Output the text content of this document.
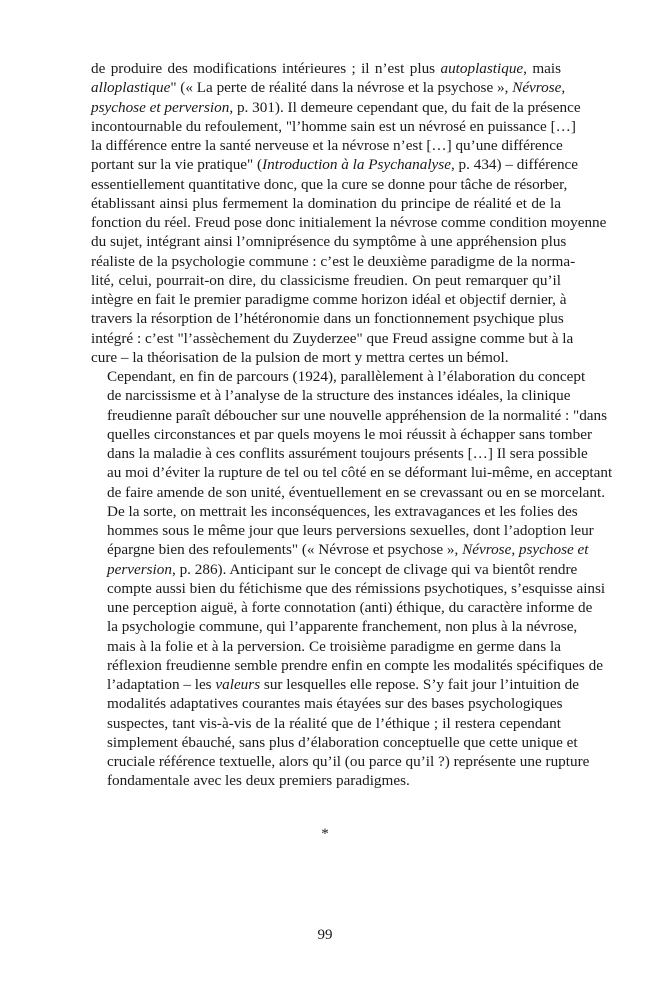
de produire des modifications intérieures ; il n’est plus autoplastique, mais
alloplastique" (« La perte de réalité dans la névrose et la psychose », Névrose,
psychose et perversion, p. 301). Il demeure cependant que, du fait de la présence
incontournable du refoulement, "l’homme sain est un névrosé en puissance […]
la différence entre la santé nerveuse et la névrose n’est […] qu’une différence
portant sur la vie pratique" (Introduction à la Psychanalyse, p. 434) – différence
essentiellement quantitative donc, que la cure se donne pour tâche de résorber,
établissant ainsi plus fermement la domination du principe de réalité et de la
fonction du réel. Freud pose donc initialement la névrose comme condition moyenne
du sujet, intégrant ainsi l’omniprésence du symptôme à une appréhension plus
réaliste de la psychologie commune : c’est le deuxième paradigme de la norma-
lité, celui, pourrait-on dire, du classicisme freudien. On peut remarquer qu’il
intègre en fait le premier paradigme comme horizon idéal et objectif dernier, à
travers la résorption de l’hétéronomie dans un fonctionnement psychique plus
intégré : c’est "l’assèchement du Zuyderzee" que Freud assigne comme but à la
cure – la théorisation de la pulsion de mort y mettra certes un bémol.

Cependant, en fin de parcours (1924), parallèlement à l’élaboration du concept
de narcissisme et à l’analyse de la structure des instances idéales, la clinique
freudienne paraît déboucher sur une nouvelle appréhension de la normalité : "dans
quelles circonstances et par quels moyens le moi réussit à échapper sans tomber
dans la maladie à ces conflits assurément toujours présents […] Il sera possible
au moi d’éviter la rupture de tel ou tel côté en se déformant lui-même, en acceptant
de faire amende de son unité, éventuellement en se crevassant ou en se morcelant.
De la sorte, on mettrait les inconséquences, les extravagances et les folies des
hommes sous le même jour que leurs perversions sexuelles, dont l’adoption leur
épargne bien des refoulements" (« Névrose et psychose », Névrose, psychose et
perversion, p. 286). Anticipant sur le concept de clivage qui va bientôt rendre
compte aussi bien du fétichisme que des rémissions psychotiques, s’esquisse ainsi
une perception aiguë, à forte connotation (anti) éthique, du caractère informe de
la psychologie commune, qui l’apparente franchement, non plus à la névrose,
mais à la folie et à la perversion. Ce troisième paradigme en germe dans la
réflexion freudienne semble prendre enfin en compte les modalités spécifiques de
l’adaptation – les valeurs sur lesquelles elle repose. S’y fait jour l’intuition de
modalités adaptatives courantes mais étayées sur des bases psychologiques
suspectes, tant vis-à-vis de la réalité que de l’éthique ; il restera cependant
simplement ébauché, sans plus d’élaboration conceptuelle que cette unique et
cruciale référence textuelle, alors qu’il (ou parce qu’il ?) représente une rupture
fondamentale avec les deux premiers paradigmes.

*
99
